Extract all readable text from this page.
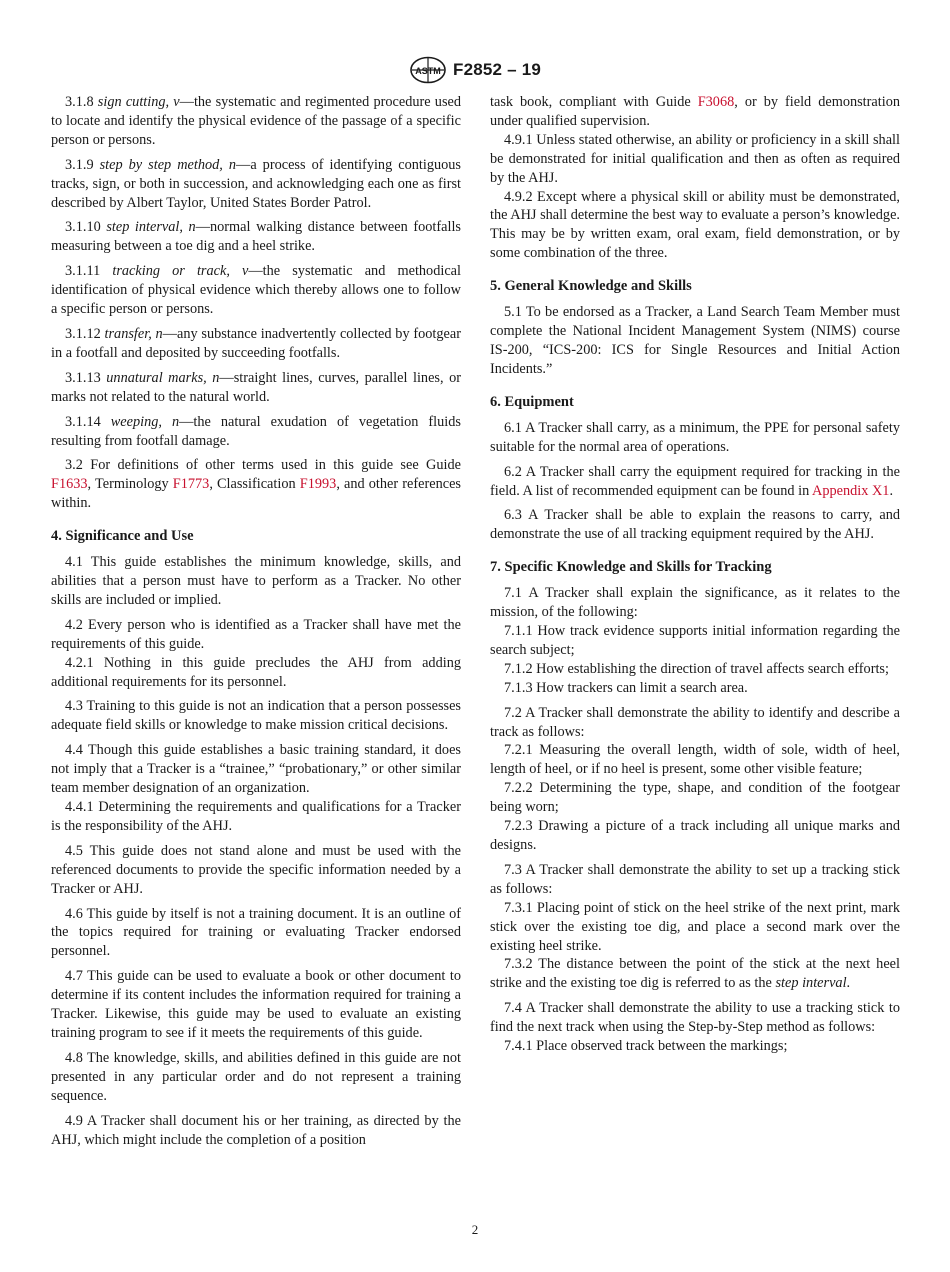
ASTM F2852 – 19

3.1.8 sign cutting, v—the systematic and regimented procedure used to locate and identify the physical evidence of the passage of a specific person or persons.

3.1.9 step by step method, n—a process of identifying contiguous tracks, sign, or both in succession, and acknowledging each one as first described by Albert Taylor, United States Border Patrol.

3.1.10 step interval, n—normal walking distance between footfalls measuring between a toe dig and a heel strike.

3.1.11 tracking or track, v—the systematic and methodical identification of physical evidence which thereby allows one to follow a specific person or persons.

3.1.12 transfer, n—any substance inadvertently collected by footgear in a footfall and deposited by succeeding footfalls.

3.1.13 unnatural marks, n—straight lines, curves, parallel lines, or marks not related to the natural world.

3.1.14 weeping, n—the natural exudation of vegetation fluids resulting from footfall damage.

3.2 For definitions of other terms used in this guide see Guide F1633, Terminology F1773, Classification F1993, and other references within.

4. Significance and Use

4.1 This guide establishes the minimum knowledge, skills, and abilities that a person must have to perform as a Tracker. No other skills are included or implied.

4.2 Every person who is identified as a Tracker shall have met the requirements of this guide.

4.2.1 Nothing in this guide precludes the AHJ from adding additional requirements for its personnel.

4.3 Training to this guide is not an indication that a person possesses adequate field skills or knowledge to make mission critical decisions.

4.4 Though this guide establishes a basic training standard, it does not imply that a Tracker is a “trainee,” “probationary,” or other similar team member designation of an organization.

4.4.1 Determining the requirements and qualifications for a Tracker is the responsibility of the AHJ.

4.5 This guide does not stand alone and must be used with the referenced documents to provide the specific information needed by a Tracker or AHJ.

4.6 This guide by itself is not a training document. It is an outline of the topics required for training or evaluating Tracker endorsed personnel.

4.7 This guide can be used to evaluate a book or other document to determine if its content includes the information required for training a Tracker. Likewise, this guide may be used to evaluate an existing training program to see if it meets the requirements of this guide.

4.8 The knowledge, skills, and abilities defined in this guide are not presented in any particular order and do not represent a training sequence.

4.9 A Tracker shall document his or her training, as directed by the AHJ, which might include the completion of a position

task book, compliant with Guide F3068, or by field demonstration under qualified supervision.

4.9.1 Unless stated otherwise, an ability or proficiency in a skill shall be demonstrated for initial qualification and then as often as required by the AHJ.

4.9.2 Except where a physical skill or ability must be demonstrated, the AHJ shall determine the best way to evaluate a person’s knowledge. This may be by written exam, oral exam, field demonstration, or by some combination of the three.

5. General Knowledge and Skills

5.1 To be endorsed as a Tracker, a Land Search Team Member must complete the National Incident Management System (NIMS) course IS-200, “ICS-200: ICS for Single Resources and Initial Action Incidents.”

6. Equipment

6.1 A Tracker shall carry, as a minimum, the PPE for personal safety suitable for the normal area of operations.

6.2 A Tracker shall carry the equipment required for tracking in the field. A list of recommended equipment can be found in Appendix X1.

6.3 A Tracker shall be able to explain the reasons to carry, and demonstrate the use of all tracking equipment required by the AHJ.

7. Specific Knowledge and Skills for Tracking

7.1 A Tracker shall explain the significance, as it relates to the mission, of the following:

7.1.1 How track evidence supports initial information regarding the search subject;

7.1.2 How establishing the direction of travel affects search efforts;

7.1.3 How trackers can limit a search area.

7.2 A Tracker shall demonstrate the ability to identify and describe a track as follows:

7.2.1 Measuring the overall length, width of sole, width of heel, length of heel, or if no heel is present, some other visible feature;

7.2.2 Determining the type, shape, and condition of the footgear being worn;

7.2.3 Drawing a picture of a track including all unique marks and designs.

7.3 A Tracker shall demonstrate the ability to set up a tracking stick as follows:

7.3.1 Placing point of stick on the heel strike of the next print, mark stick over the existing toe dig, and place a second mark over the existing heel strike.

7.3.2 The distance between the point of the stick at the next heel strike and the existing toe dig is referred to as the step interval.

7.4 A Tracker shall demonstrate the ability to use a tracking stick to find the next track when using the Step-by-Step method as follows:

7.4.1 Place observed track between the markings;

2
